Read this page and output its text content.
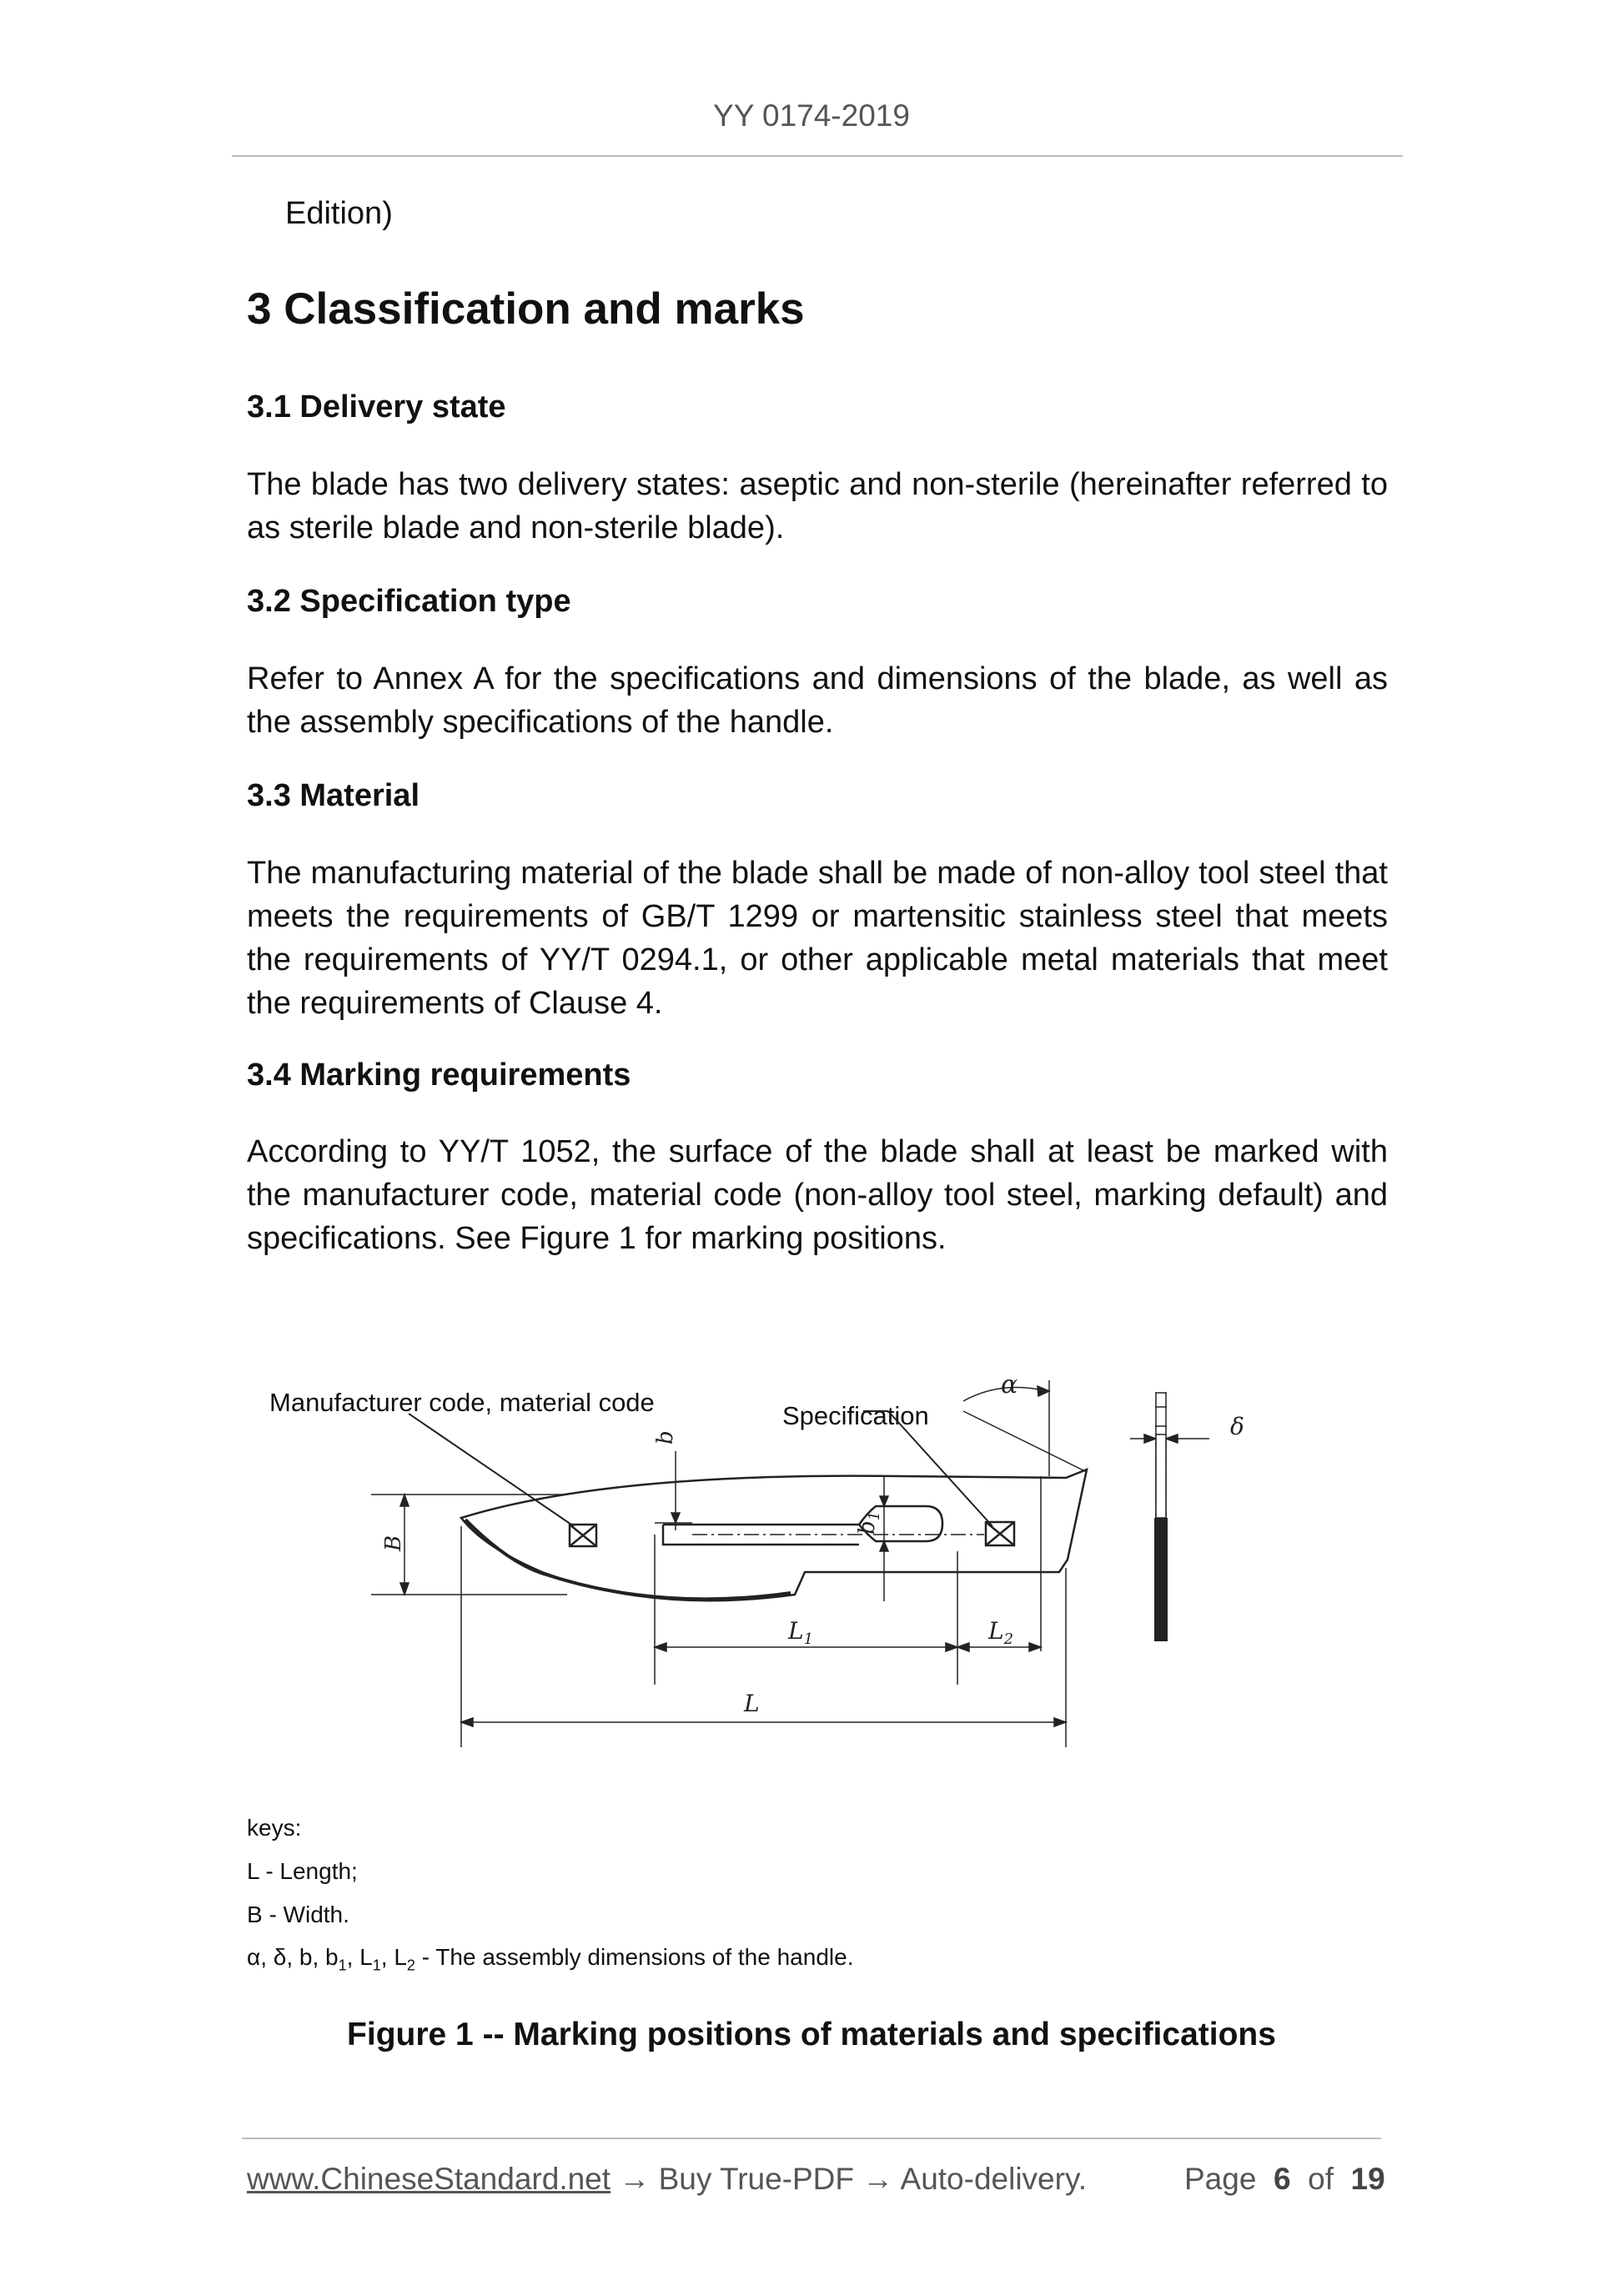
YY 0174-2019
Edition)
3 Classification and marks
3.1 Delivery state
The blade has two delivery states: aseptic and non-sterile (hereinafter referred to as sterile blade and non-sterile blade).
3.2 Specification type
Refer to Annex A for the specifications and dimensions of the blade, as well as the assembly specifications of the handle.
3.3 Material
The manufacturing material of the blade shall be made of non-alloy tool steel that meets the requirements of GB/T 1299 or martensitic stainless steel that meets the requirements of YY/T 0294.1, or other applicable metal materials that meet the requirements of Clause 4.
3.4 Marking requirements
According to YY/T 1052, the surface of the blade shall at least be marked with the manufacturer code, material code (non-alloy tool steel, marking default) and specifications. See Figure 1 for marking positions.
Manufacturer code, material code	Specification
B
b
$b_1$
α
$L_1$	$L_2$
L
δ
keys:
L - Length;
B - Width.
α, δ, b, $b_1$, $L_1$, $L_2$ - The assembly dimensions of the handle.
Figure 1 -- Marking positions of materials and specifications
www.ChineseStandard.net → Buy True-PDF → Auto-delivery.	Page 6 of 19
